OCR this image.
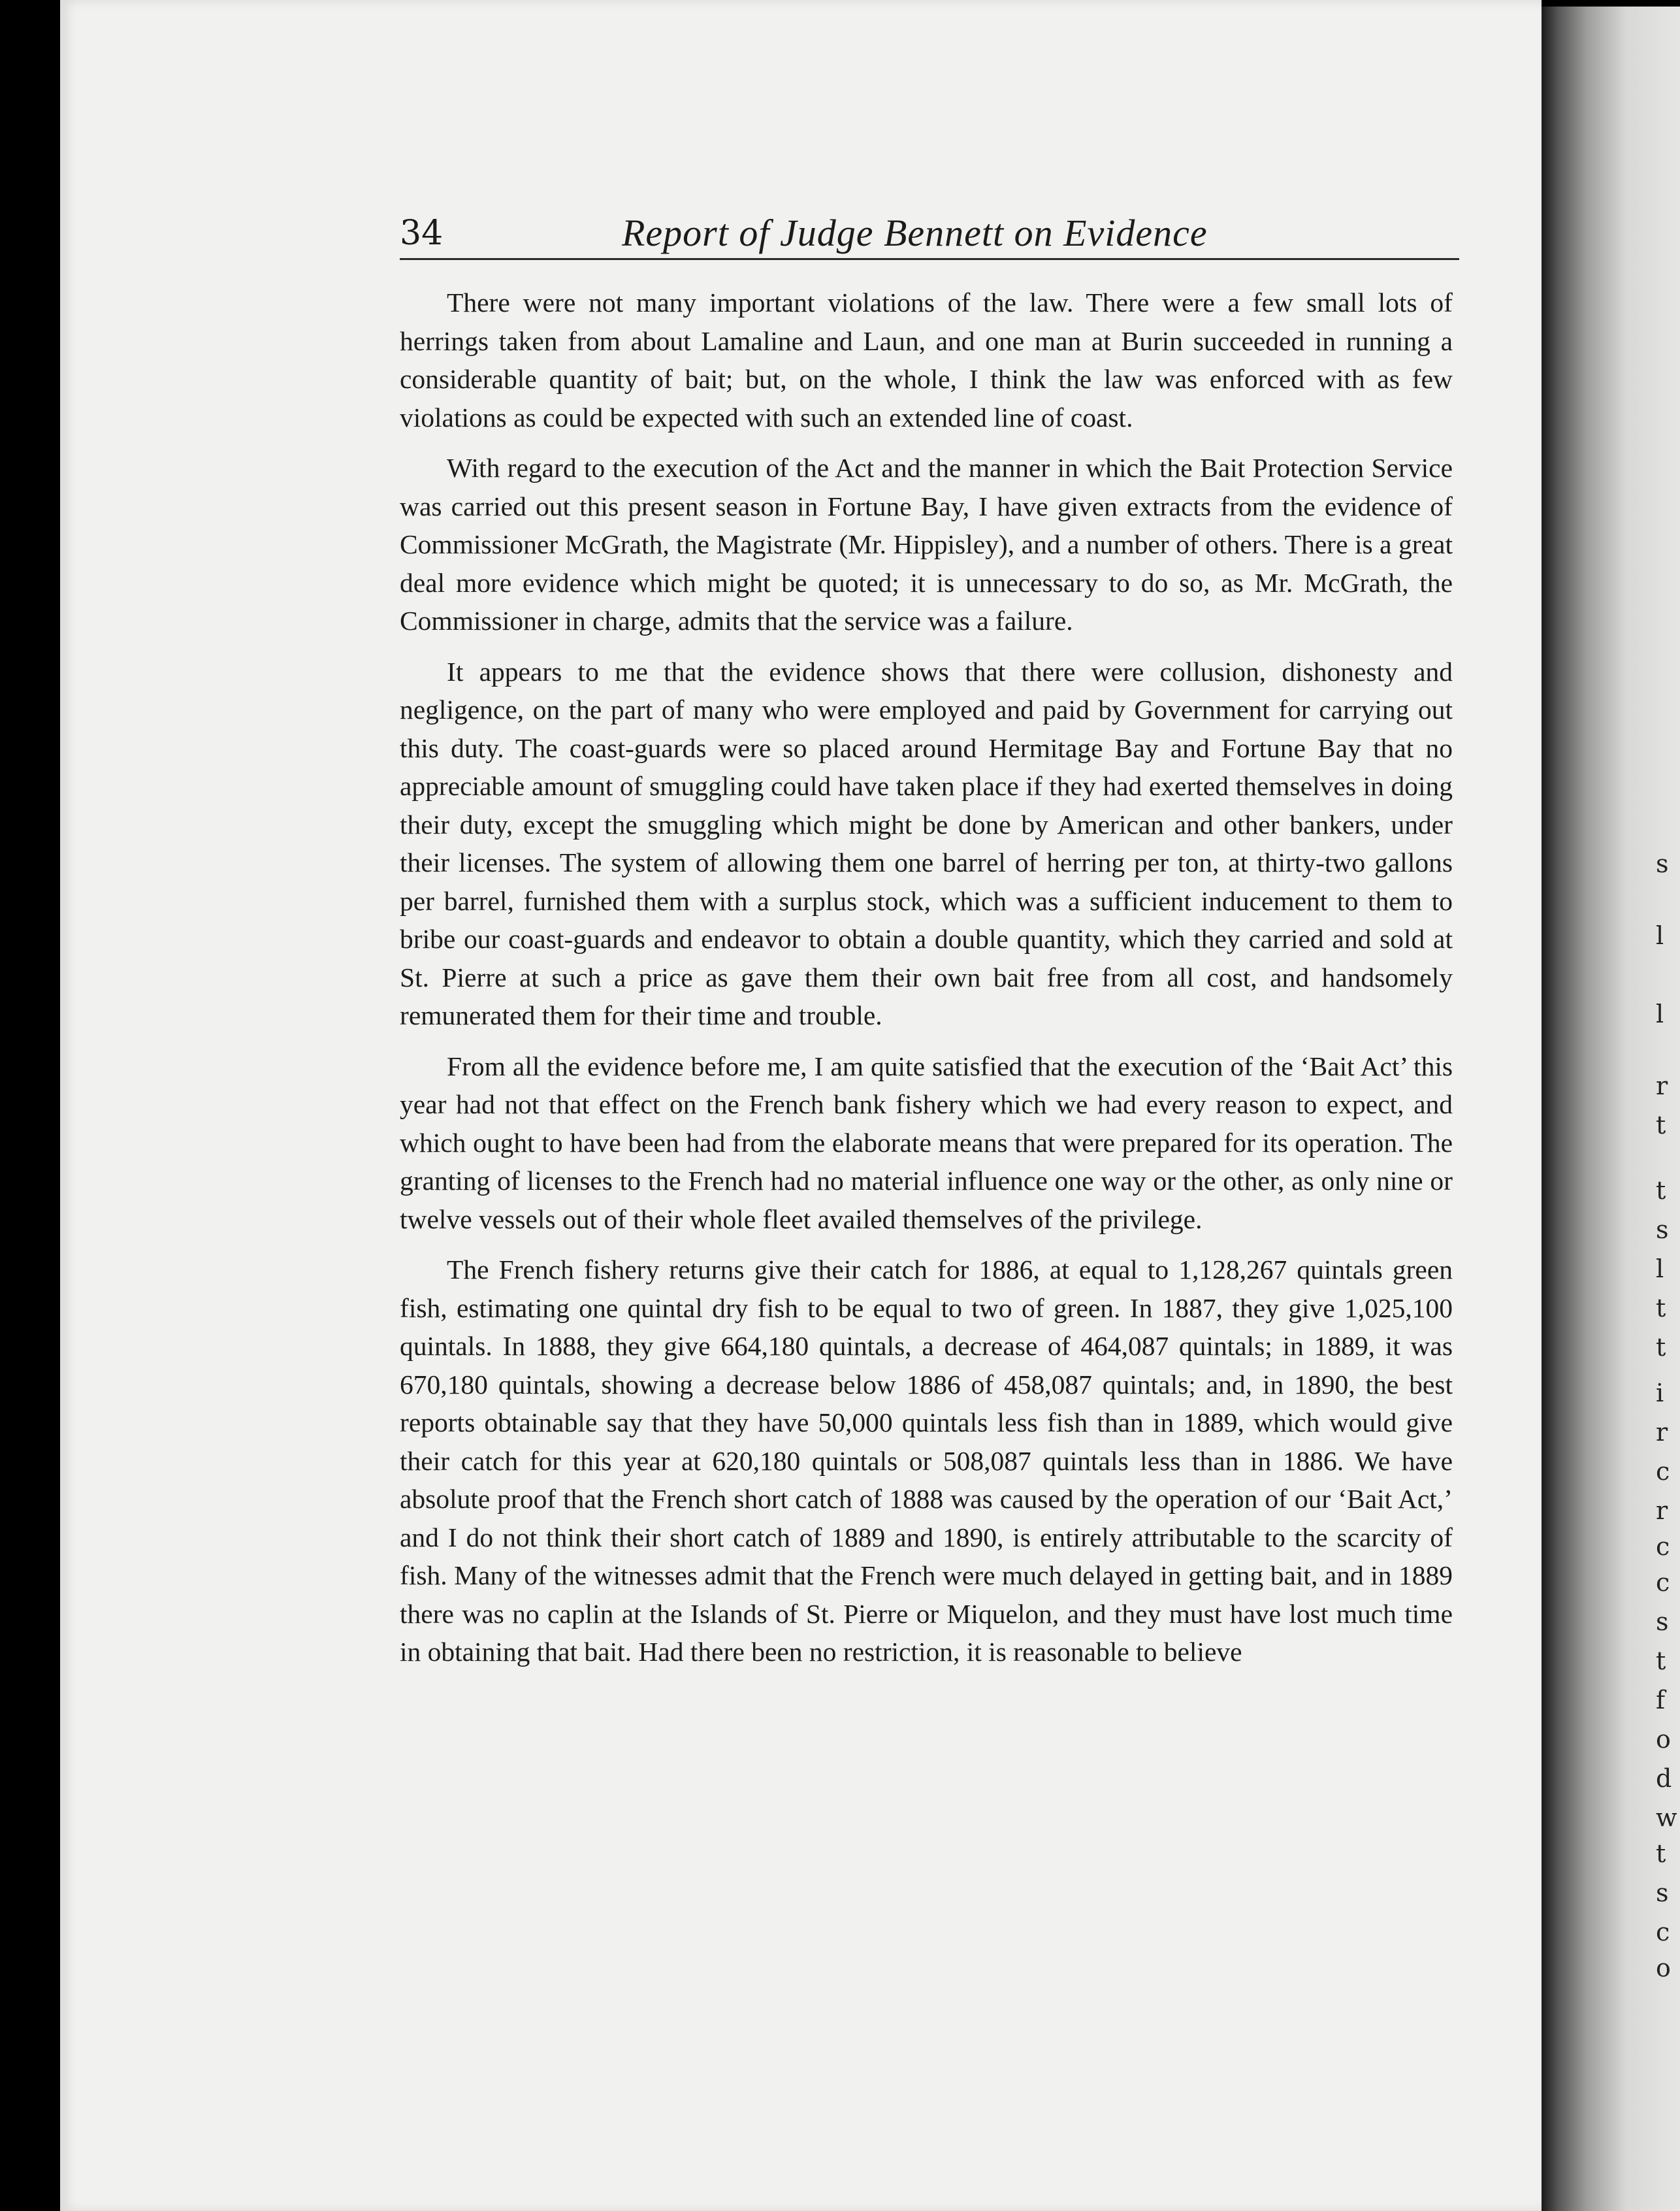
s
l
l
r
t
t
s
l
t
t
i
r
c
r
c
c
s
t
f
o
d
w
t
s
c
o
34	Report of Judge Bennett on Evidence

There were not many important violations of the law. There were a few small lots of herrings taken from about Lamaline and Laun, and one man at Burin succeeded in running a considerable quantity of bait; but, on the whole, I think the law was enforced with as few violations as could be expected with such an extended line of coast.

With regard to the execution of the Act and the manner in which the Bait Protection Service was carried out this present season in Fortune Bay, I have given extracts from the evidence of Commissioner McGrath, the Magistrate (Mr. Hippisley), and a number of others. There is a great deal more evidence which might be quoted; it is unnecessary to do so, as Mr. McGrath, the Commissioner in charge, admits that the service was a failure.

It appears to me that the evidence shows that there were collusion, dishonesty and negligence, on the part of many who were employed and paid by Government for carrying out this duty. The coast-guards were so placed around Hermitage Bay and Fortune Bay that no appreciable amount of smuggling could have taken place if they had exerted themselves in doing their duty, except the smuggling which might be done by American and other bankers, under their licenses. The system of allowing them one barrel of herring per ton, at thirty-two gallons per barrel, furnished them with a surplus stock, which was a sufficient inducement to them to bribe our coast-guards and endeavor to obtain a double quantity, which they carried and sold at St. Pierre at such a price as gave them their own bait free from all cost, and handsomely remunerated them for their time and trouble.

From all the evidence before me, I am quite satisfied that the execution of the ‘Bait Act’ this year had not that effect on the French bank fishery which we had every reason to expect, and which ought to have been had from the elaborate means that were prepared for its operation. The granting of licenses to the French had no material influence one way or the other, as only nine or twelve vessels out of their whole fleet availed themselves of the privilege.

The French fishery returns give their catch for 1886, at equal to 1,128,267 quintals green fish, estimating one quintal dry fish to be equal to two of green. In 1887, they give 1,025,100 quintals. In 1888, they give 664,180 quintals, a decrease of 464,087 quintals; in 1889, it was 670,180 quintals, showing a decrease below 1886 of 458,087 quintals; and, in 1890, the best reports obtainable say that they have 50,000 quintals less fish than in 1889, which would give their catch for this year at 620,180 quintals or 508,087 quintals less than in 1886. We have absolute proof that the French short catch of 1888 was caused by the operation of our ‘Bait Act,’ and I do not think their short catch of 1889 and 1890, is entirely attributable to the scarcity of fish. Many of the witnesses admit that the French were much delayed in getting bait, and in 1889 there was no caplin at the Islands of St. Pierre or Miquelon, and they must have lost much time in obtaining that bait. Had there been no restriction, it is reasonable to believe
